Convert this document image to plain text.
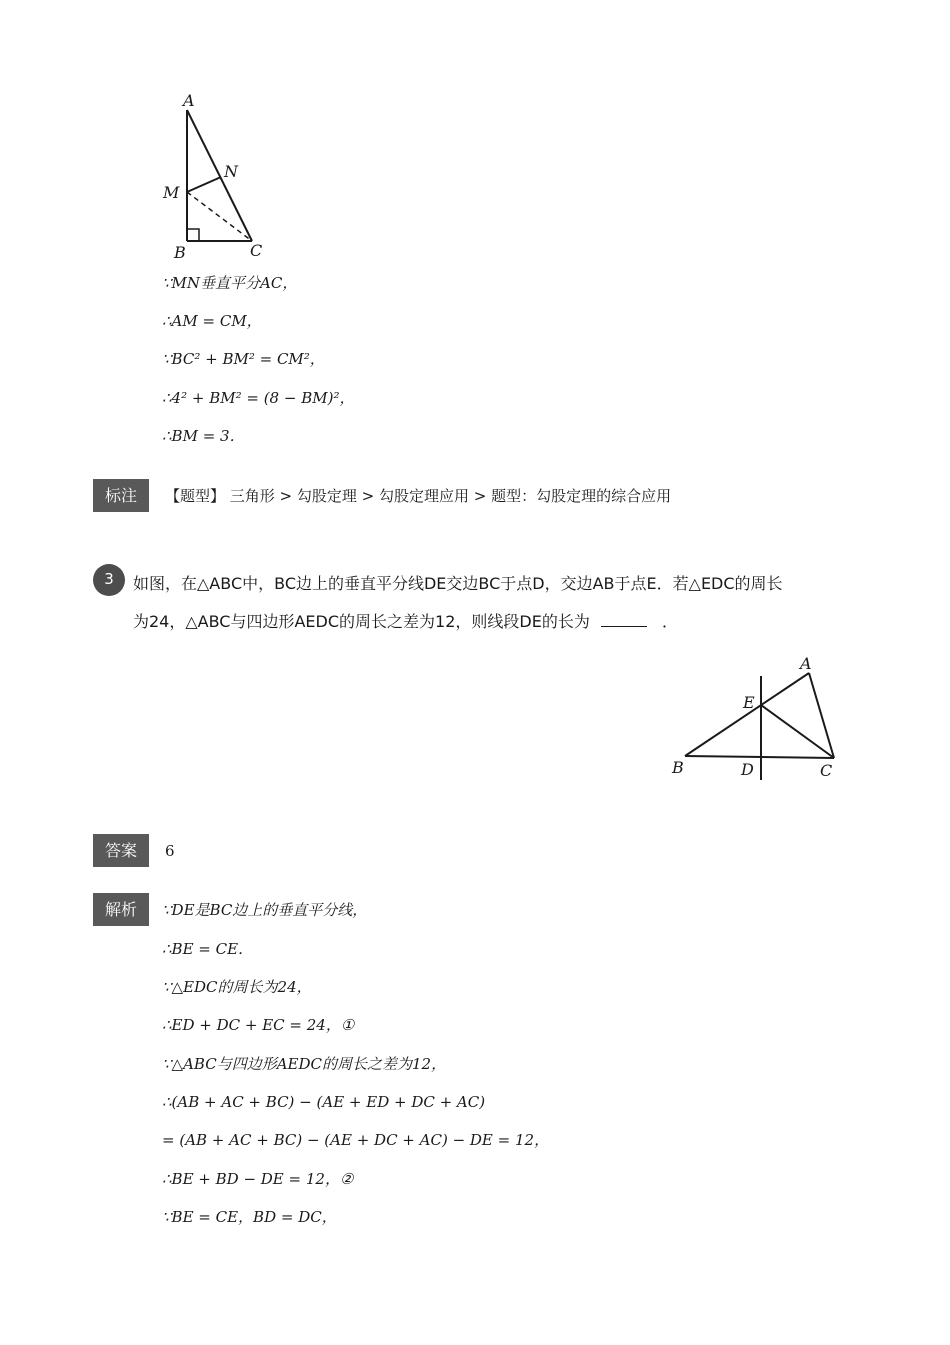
A
N
M
B	C
∵MN垂直平分AC，
∴AM = CM，
∵BC² + BM² = CM²，
∴4² + BM² = (8 − BM)²，
∴BM = 3．
标注	【题型】 三角形 > 勾股定理 > 勾股定理应用 > 题型：勾股定理的综合应用
3	如图，在△ABC中，BC边上的垂直平分线DE交边BC于点D，交边AB于点E．若△EDC的周长
为24，△ABC与四边形AEDC的周长之差为12，则线段DE的长为	．
A
E
B	D	C
答案	6
解析	∵DE是BC边上的垂直平分线，
∴BE = CE．
∵△EDC的周长为24，
∴ED + DC + EC = 24，①
∵△ABC与四边形AEDC的周长之差为12，
∴(AB + AC + BC) − (AE + ED + DC + AC)
= (AB + AC + BC) − (AE + DC + AC) − DE = 12，
∴BE + BD − DE = 12，②
∵BE = CE，BD = DC，
